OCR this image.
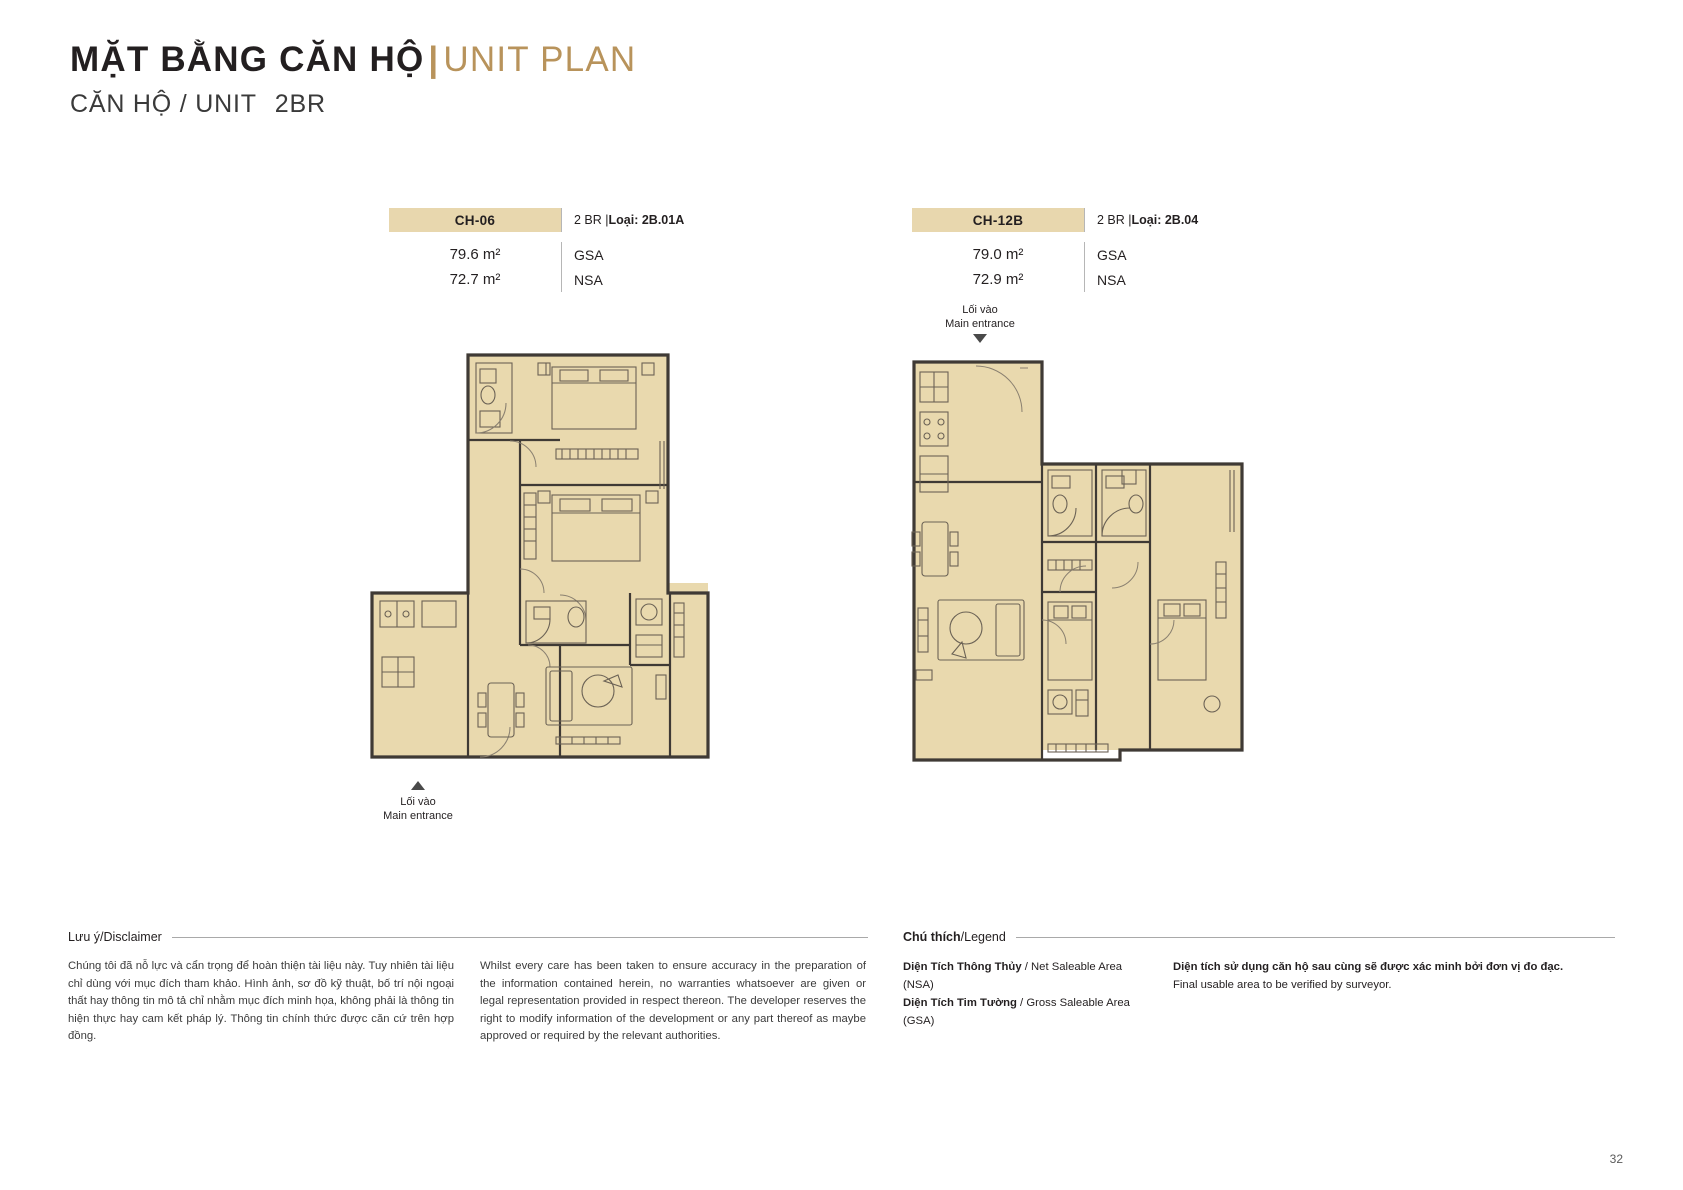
MẶT BẰNG CĂN HỘ | UNIT PLAN
CĂN HỘ / UNIT 2BR
CH-06	2 BR | Loại: 2B.01A
79.6 m²	GSA
72.7 m²	NSA
CH-12B	2 BR | Loại: 2B.04
79.0 m²	GSA
72.9 m²	NSA
Lối vào
Main entrance
Lối vào
Main entrance
Lưu ý / Disclaimer

Chúng tôi đã nỗ lực và cẩn trọng để hoàn thiện tài liệu này. Tuy nhiên tài liệu chỉ dùng với mục đích tham khảo. Hình ảnh, sơ đồ kỹ thuật, bố trí nội ngoại thất hay thông tin mô tả chỉ nhằm mục đích minh họa, không phải là thông tin hiện thực hay cam kết pháp lý. Thông tin chính thức được căn cứ trên hợp đồng.

Whilst every care has been taken to ensure accuracy in the preparation of the information contained herein, no warranties whatsoever are given or legal representation provided in respect thereon. The developer reserves the right to modify information of the development or any part thereof as maybe approved or required by the relevant authorities.

Chú thích / Legend
Diện Tích Thông Thủy / Net Saleable Area (NSA)
Diện Tích Tim Tường / Gross Saleable Area (GSA)
Diện tích sử dụng căn hộ sau cùng sẽ được xác minh bởi đơn vị đo đạc.
Final usable area to be verified by surveyor.
32
